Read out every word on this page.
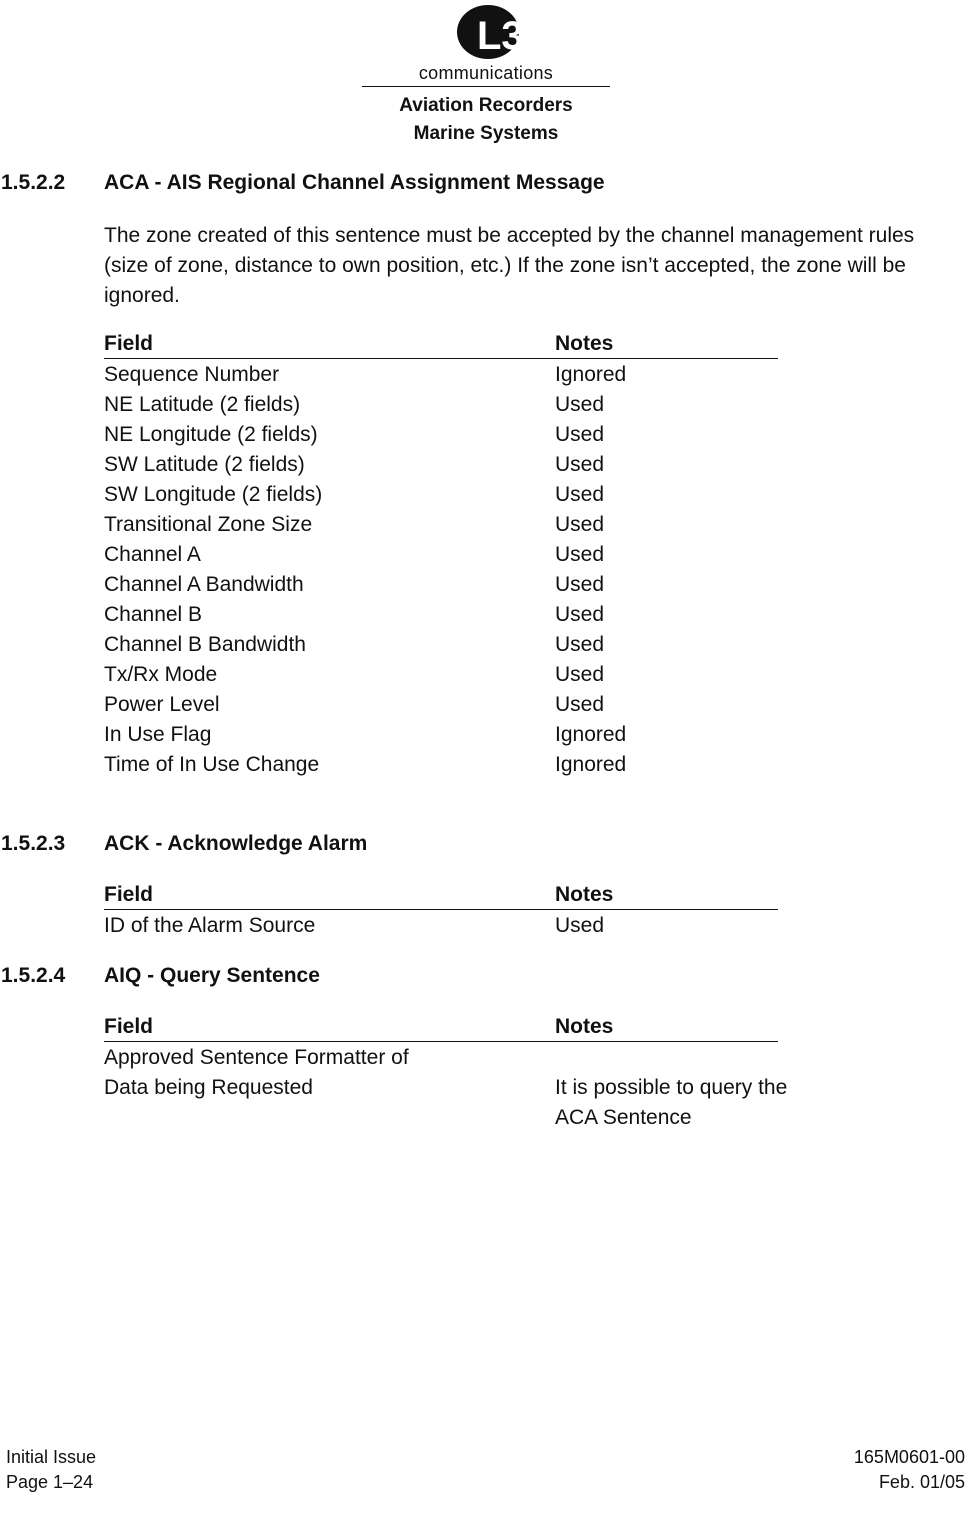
L3
communications
Aviation Recorders
Marine Systems
1.5.2.2 ACA - AIS Regional Channel Assignment Message
The zone created of this sentence must be accepted by the channel management rules (size of zone, distance to own position, etc.) If the zone isn’t accepted, the zone will be ignored.
Field	Notes
Sequence Number	Ignored
NE Latitude (2 fields)	Used
NE Longitude (2 fields)	Used
SW Latitude (2 fields)	Used
SW Longitude (2 fields)	Used
Transitional Zone Size	Used
Channel A	Used
Channel A Bandwidth	Used
Channel B	Used
Channel B Bandwidth	Used
Tx/Rx Mode	Used
Power Level	Used
In Use Flag	Ignored
Time of In Use Change	Ignored
1.5.2.3 ACK - Acknowledge Alarm
Field	Notes
ID of the Alarm Source	Used
1.5.2.4 AIQ - Query Sentence
Field	Notes
Approved Sentence Formatter of
Data being Requested	It is possible to query the
ACA Sentence
Initial Issue
Page 1–24
165M0601-00
Feb. 01/05
